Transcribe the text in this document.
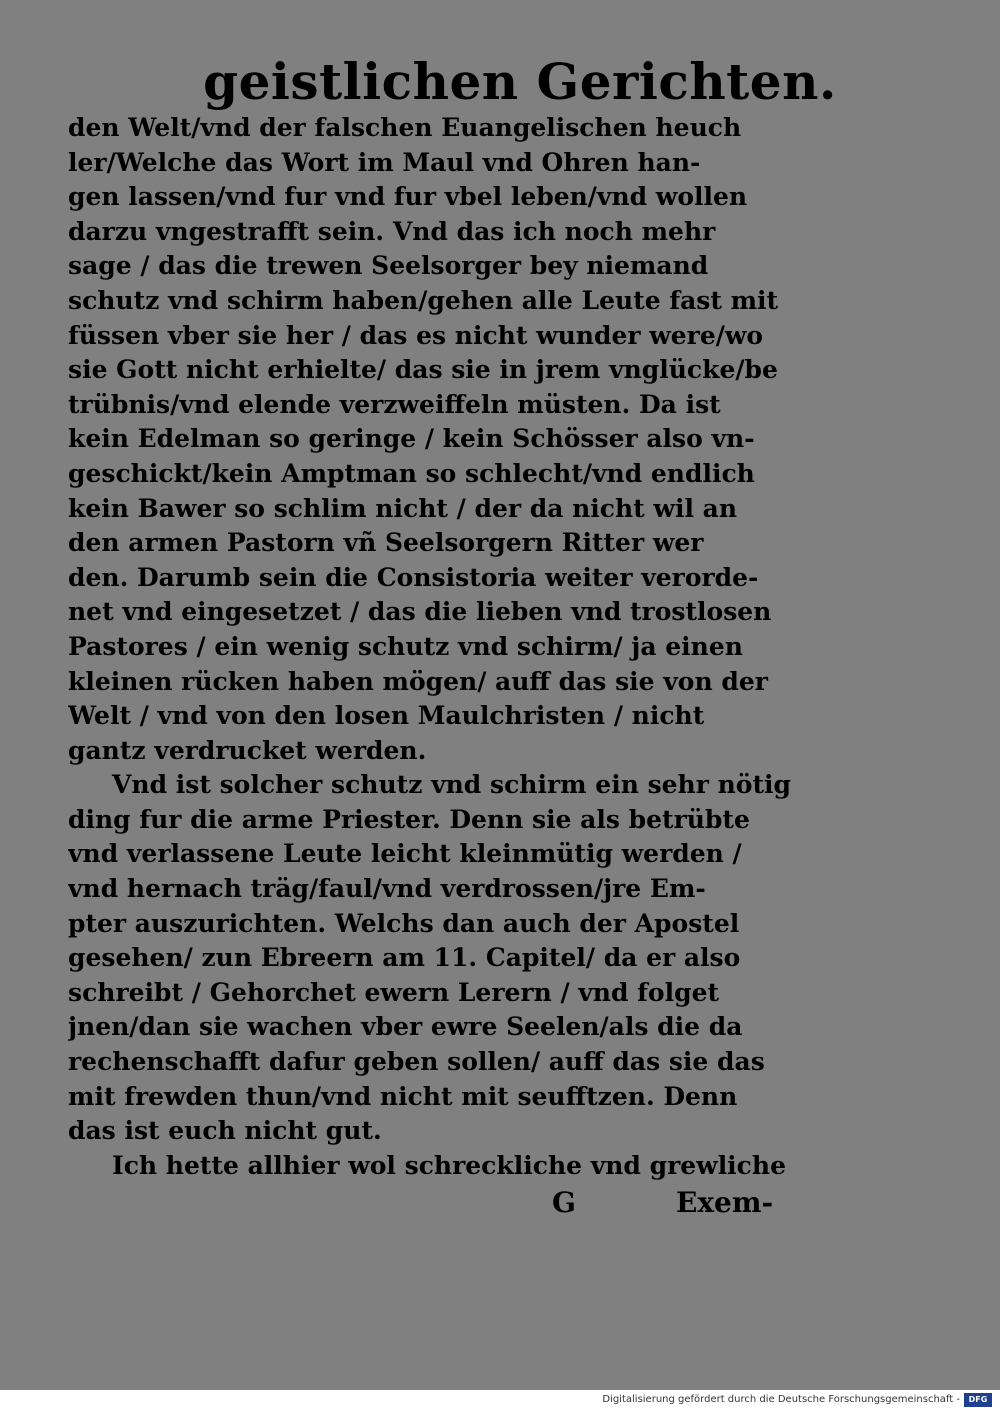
geistlichen Gerichten.
den Welt/vnd der falschen Euangelischen heuch
ler/Welche das Wort im Maul vnd Ohren han-
gen lassen/vnd fur vnd fur vbel leben/vnd wollen
darzu vngestrafft sein. Vnd das ich noch mehr
sage / das die trewen Seelsorger bey niemand
schutz vnd schirm haben/gehen alle Leute fast mit
füssen vber sie her / das es nicht wunder were/wo
sie Gott nicht erhielte/ das sie in jrem vnglücke/be
trübnis/vnd elende verzweiffeln müsten. Da ist
kein Edelman so geringe / kein Schösser also vn-
geschickt/kein Amptman so schlecht/vnd endlich
kein Bawer so schlim nicht / der da nicht wil an
den armen Pastorn vñ Seelsorgern Ritter wer
den. Darumb sein die Consistoria weiter verorde-
net vnd eingesetzet / das die lieben vnd trostlosen
Pastores / ein wenig schutz vnd schirm/ ja einen
kleinen rücken haben mögen/ auff das sie von der
Welt / vnd von den losen Maulchristen / nicht
gantz verdrucket werden.
Vnd ist solcher schutz vnd schirm ein sehr nötig
ding fur die arme Priester. Denn sie als betrübte
vnd verlassene Leute leicht kleinmütig werden /
vnd hernach träg/faul/vnd verdrossen/jre Em-
pter auszurichten. Welchs dan auch der Apostel
gesehen/ zun Ebreern am 11. Capitel/ da er also
schreibt / Gehorchet ewern Lerern / vnd folget
jnen/dan sie wachen vber ewre Seelen/als die da
rechenschafft dafur geben sollen/ auff das sie das
mit frewden thun/vnd nicht mit seufftzen. Denn
das ist euch nicht gut.
Ich hette allhier wol schreckliche vnd grewliche
G	Exem-
Digitalisierung gefördert durch die Deutsche Forschungsgemeinschaft -	DFG
